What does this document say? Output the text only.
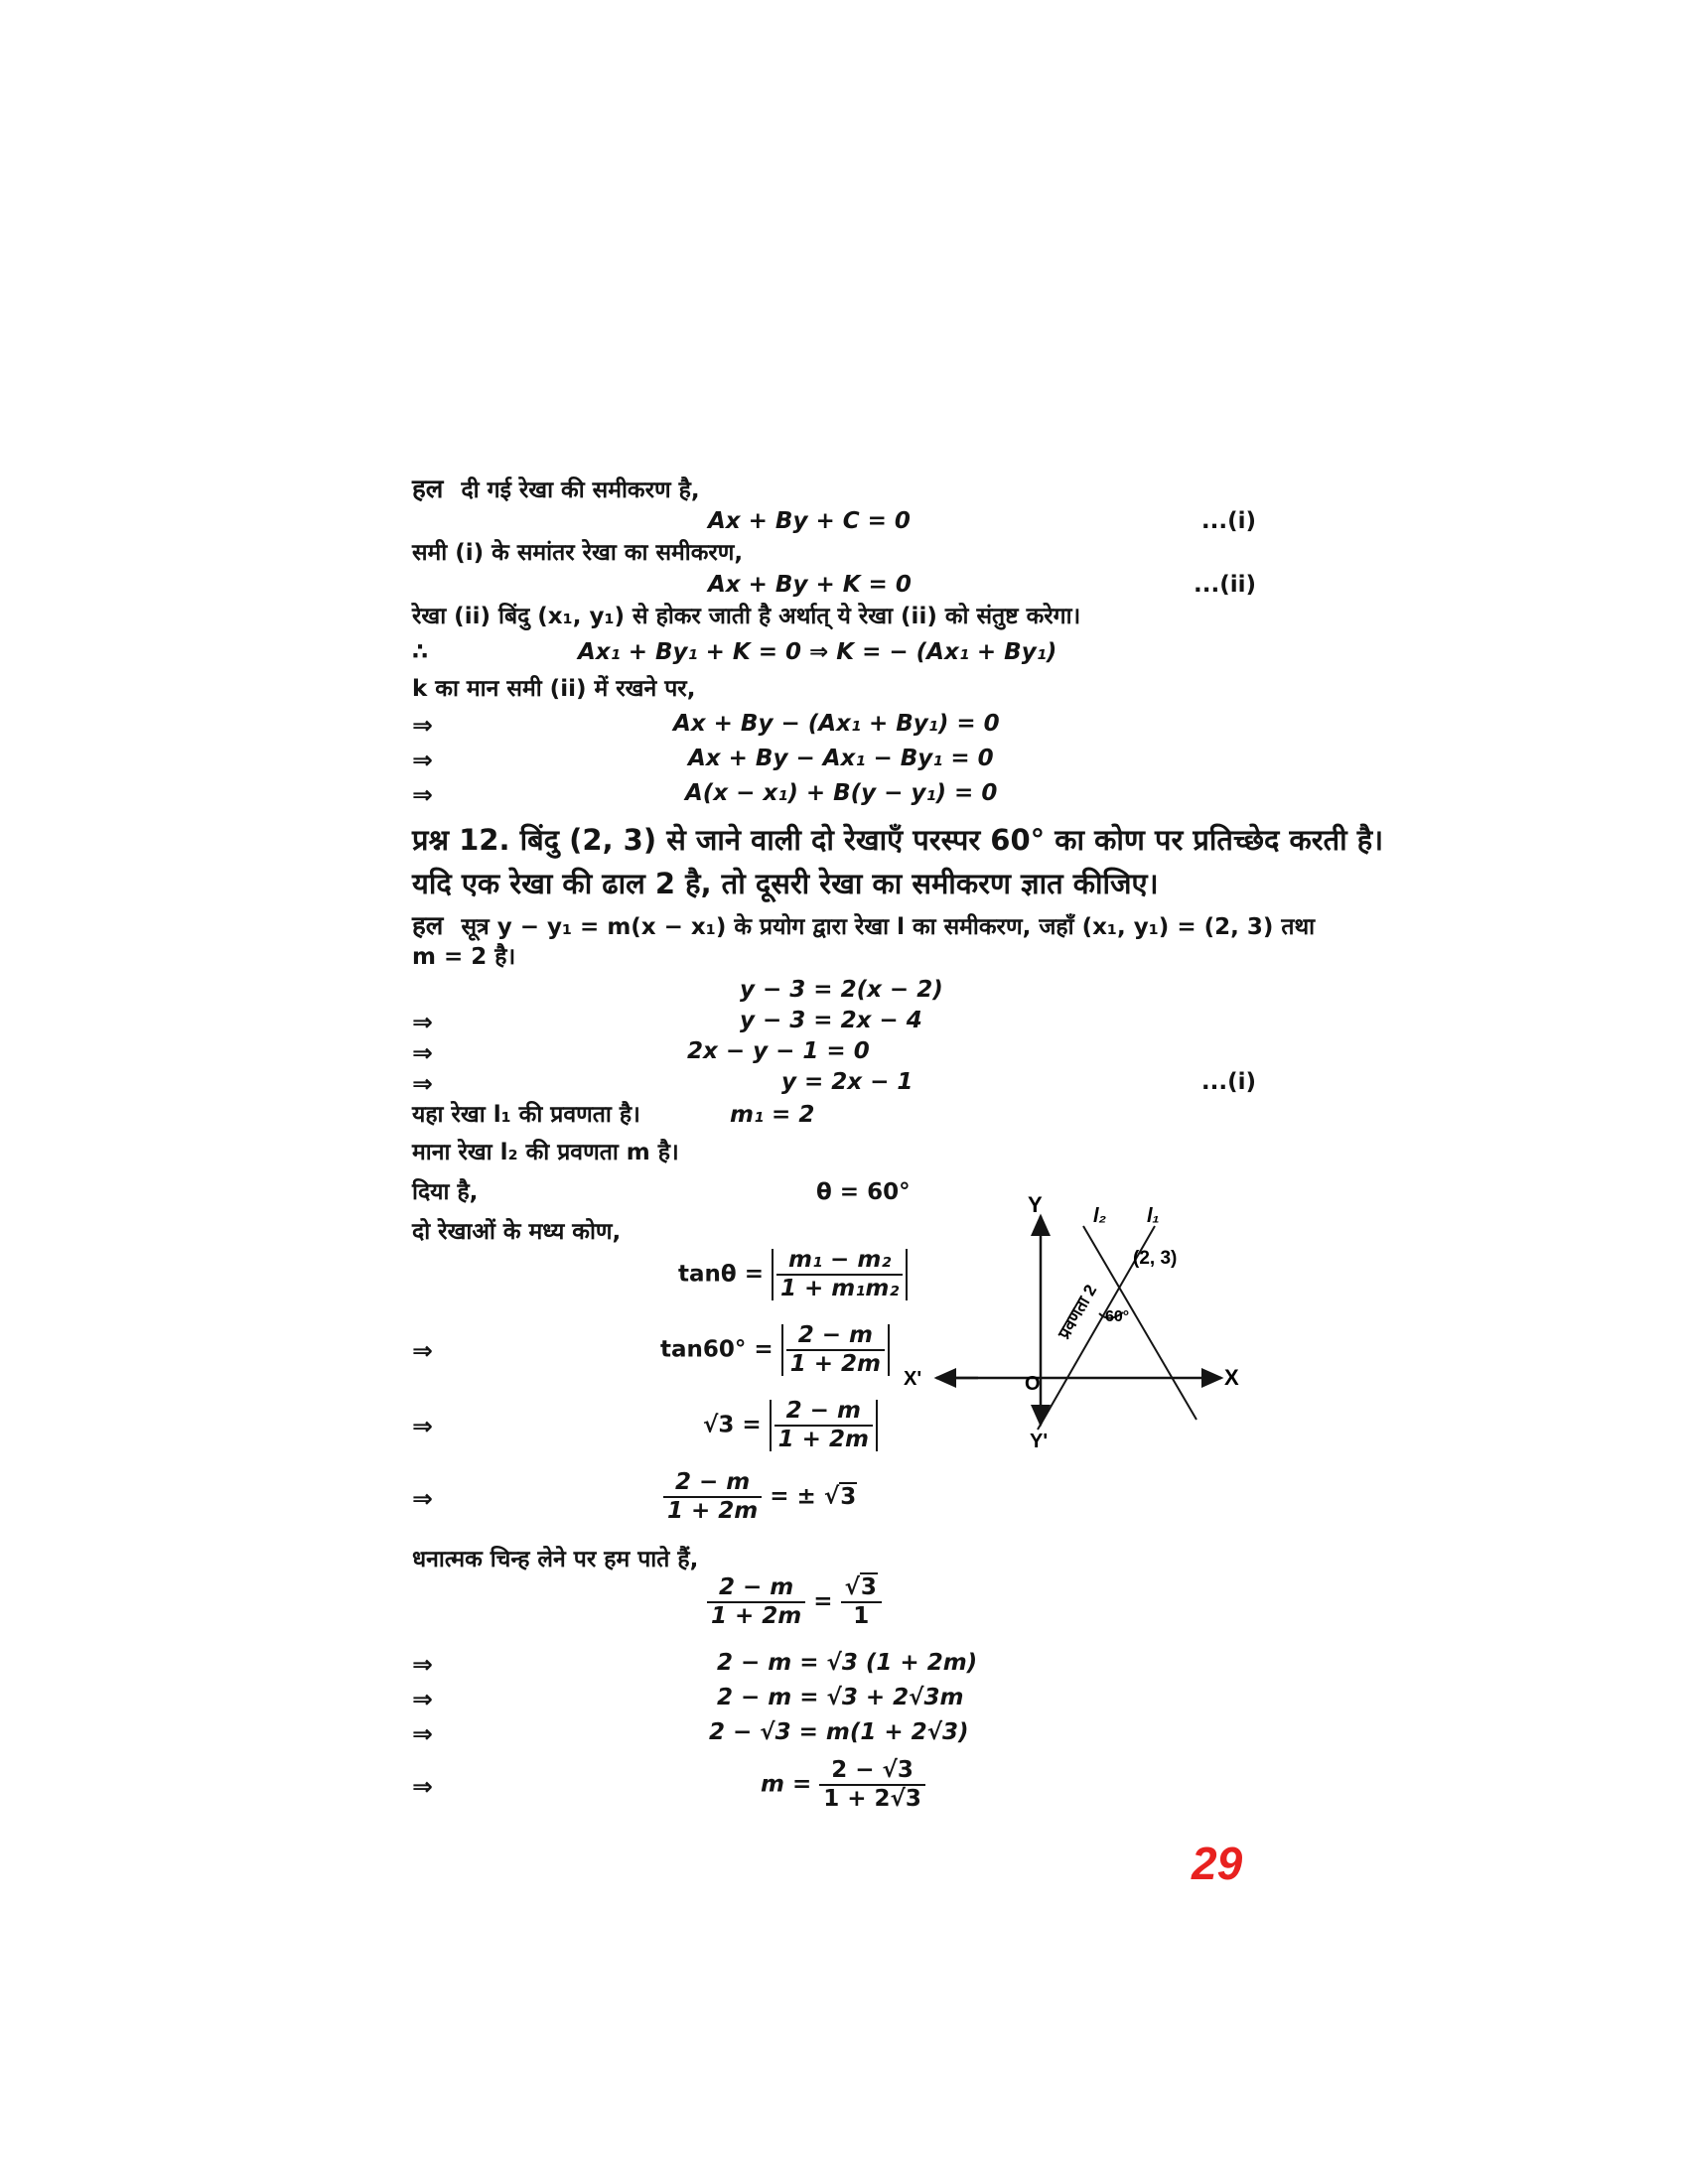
हल दी गई रेखा की समीकरण है,
Ax + By + C = 0	...(i)
समी (i) के समांतर रेखा का समीकरण,
Ax + By + K = 0	...(ii)
रेखा (ii) बिंदु (x₁, y₁) से होकर जाती है अर्थात् ये रेखा (ii) को संतुष्ट करेगा।
∴	Ax₁ + By₁ + K = 0 ⇒ K = − (Ax₁ + By₁)
k का मान समी (ii) में रखने पर,
⇒	Ax + By − (Ax₁ + By₁) = 0
⇒	Ax + By − Ax₁ − By₁ = 0
⇒	A(x − x₁) + B(y − y₁) = 0
प्रश्न 12. बिंदु (2, 3) से जाने वाली दो रेखाएँ परस्पर 60° का कोण पर प्रतिच्छेद करती है।
यदि एक रेखा की ढाल 2 है, तो दूसरी रेखा का समीकरण ज्ञात कीजिए।
हल सूत्र y − y₁ = m(x − x₁) के प्रयोग द्वारा रेखा l का समीकरण, जहाँ (x₁, y₁) = (2, 3) तथा
m = 2 है।
y − 3 = 2(x − 2)
⇒	y − 3 = 2x − 4
⇒	2x − y − 1 = 0
⇒	y = 2x − 1	...(i)
यहा रेखा l₁ की प्रवणता है।	m₁ = 2
माना रेखा l₂ की प्रवणता m है।
दिया है,	θ = 60°
दो रेखाओं के मध्य कोण,
$\tan\theta = \frac{\text{m₁ − m₂}}{\text{1 + m₁m₂}}$
⇒	$\tan 60^\circ = \frac{2 - m}{1 + 2m}$
⇒	$√3 = \frac{2 - m}{1 + 2m}$
⇒	$\frac{2 - m}{1 + 2m}$ = ± √3
धनात्मक चिन्ह लेने पर हम पाते हैं,
$\frac{2 - m}{1 + 2m} = \frac{√3}{1}$
⇒	2 − m = √3 (1 + 2m)
⇒	2 − m = √3 + 2√3m
⇒	2 − √3 = m(1 + 2√3)
⇒	$m = \frac{2 - √3}{1 + 2√3}$
Y
Y'
X
X'	O
l₂ l₁
(2, 3)
60°
प्रवणता 2
29
